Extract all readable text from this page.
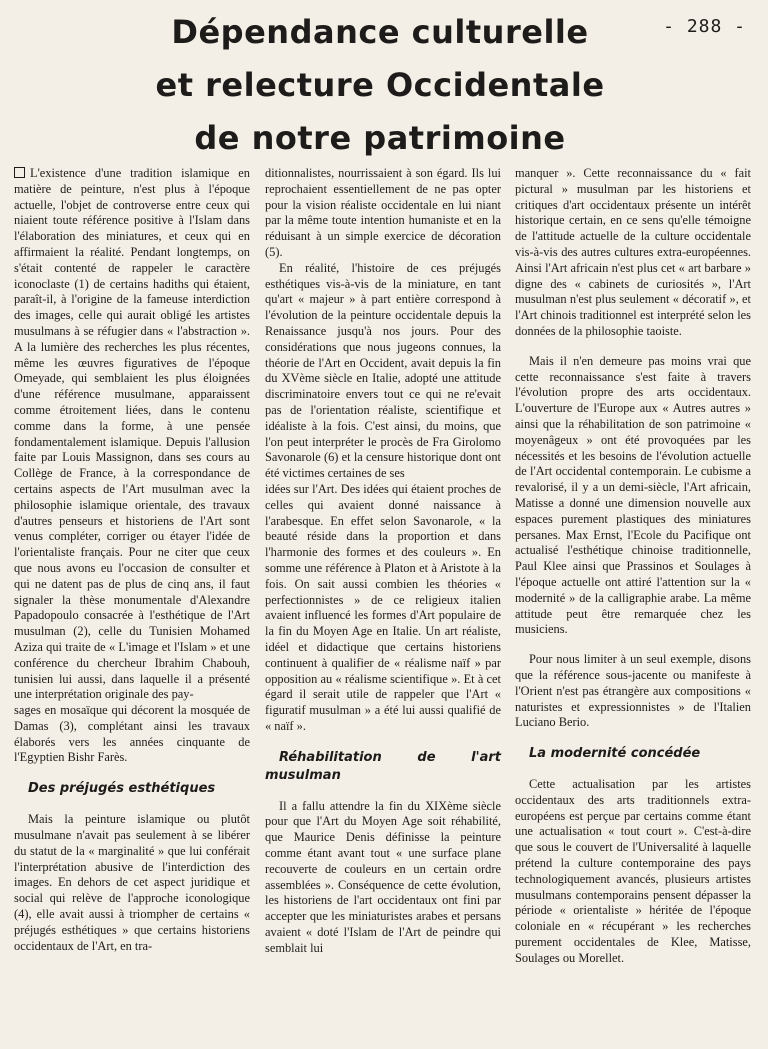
- 288 -
Dépendance culturelle
et relecture Occidentale
de notre patrimoine

L'existence d'une tradition islamique en matière de peinture, n'est plus à l'époque actuelle, l'objet de controverse entre ceux qui niaient toute référence positive à l'Islam dans l'élaboration des miniatures, et ceux qui en affirmaient la réalité. Pendant longtemps, on s'était contenté de rappeler le caractère iconoclaste (1) de certains hadiths qui étaient, paraît-il, à l'origine de la fameuse interdiction des images, celle qui aurait obligé les artistes musulmans à se réfugier dans « l'abstraction ». A la lumière des recherches les plus récentes, même les œuvres figuratives de l'époque Omeyade, qui semblaient les plus éloignées d'une référence musulmane, apparaissent comme étroitement liées, dans le contenu comme dans la forme, à une pensée fondamentalement islamique. Depuis l'allusion faite par Louis Massignon, dans ses cours au Collège de France, à la correspondance de certains aspects de l'Art musulman avec la philosophie islamique orientale, des travaux d'autres penseurs et historiens de l'Art sont venus compléter, corriger ou étayer l'idée de l'orientaliste français. Pour ne citer que ceux que nous avons eu l'occasion de consulter et qui ne datent pas de plus de cinq ans, il faut signaler la thèse monumentale d'Alexandre Papadopoulo consacrée à l'esthétique de l'Art musulman (2), celle du Tunisien Mohamed Aziza qui traite de « L'image et l'Islam » et une conférence du chercheur Ibrahim Chabouh, tunisien lui aussi, dans laquelle il a présenté une interprétation originale des pay-

sages en mosaïque qui décorent la mosquée de Damas (3), complétant ainsi les travaux élaborés vers les années cinquante de l'Egyptien Bishr Farès.

Des préjugés esthétiques

Mais la peinture islamique ou plutôt musulmane n'avait pas seulement à se libérer du statut de la « marginalité » que lui conférait l'interprétation abusive de l'interdiction des images. En dehors de cet aspect juridique et social qui relève de l'approche iconologique (4), elle avait aussi à triompher de certains « préjugés esthétiques » que certains historiens occidentaux de l'Art, en tra-

ditionnalistes, nourrissaient à son égard. Ils lui reprochaient essentiellement de ne pas opter pour la vision réaliste occidentale en lui niant par la même toute intention humaniste et en la réduisant à un simple exercice de décoration (5).

En réalité, l'histoire de ces préjugés esthétiques vis-à-vis de la miniature, en tant qu'art « majeur » à part entière correspond à l'évolution de la peinture occidentale depuis la Renaissance jusqu'à nos jours. Pour des considérations que nous jugeons connues, la théorie de l'Art en Occident, avait depuis la fin du XVème siècle en Italie, adopté une attitude discriminatoire envers tout ce qui ne re'evait pas de l'orientation réaliste, scientifique et idéaliste à la fois. C'est ainsi, du moins, que l'on peut interpréter le procès de Fra Girolomo Savonarole (6) et la censure historique dont ont été victimes certaines de ses

idées sur l'Art. Des idées qui étaient proches de celles qui avaient donné naissance à l'arabesque. En effet selon Savonarole, « la beauté réside dans la proportion et dans l'harmonie des formes et des couleurs ». En somme une référence à Platon et à Aristote à la fois. On sait aussi combien les théories « perfectionnistes » de ce religieux italien avaient influencé les formes d'Art populaire de la fin du Moyen Age en Italie. Un art réaliste, idéel et didactique que certains historiens continuent à qualifier de « réalisme naïf » par opposition au « réalisme scientifique ». Et à cet égard il serait utile de rappeler que l'Art « figuratif musulman » a été lui aussi qualifié de « naïf ».

Réhabilitation de l'art musulman

Il a fallu attendre la fin du XIXème siècle pour que l'Art du Moyen Age soit réhabilité, que Maurice Denis définisse la peinture comme étant avant tout « une surface plane recouverte de couleurs en un certain ordre assemblées ». Conséquence de cette évolution, les historiens de l'art occidentaux ont fini par accepter que les miniaturistes arabes et persans avaient « doté l'Islam de l'Art de peindre qui semblait lui

manquer ». Cette reconnaissance du « fait pictural » musulman par les historiens et critiques d'art occidentaux présente un intérêt historique certain, en ce sens qu'elle témoigne de l'attitude actuelle de la culture occidentale vis-à-vis des autres cultures extra-européennes. Ainsi l'Art africain n'est plus cet « art barbare » digne des « cabinets de curiosités », l'Art musulman n'est plus seulement « décoratif », et l'Art chinois traditionnel est interprété selon les données de la philosophie taoiste.

Mais il n'en demeure pas moins vrai que cette reconnaissance s'est faite à travers l'évolution propre des arts occidentaux. L'ouverture de l'Europe aux « Autres autres » ainsi que la réhabilitation de son patrimoine « moyenâgeux » ont été provoquées par les nécessités et les besoins de l'évolution actuelle de l'Art occidental contemporain. Le cubisme a revalorisé, il y a un demi-siècle, l'Art africain, Matisse a donné une dimension nouvelle aux espaces purement plastiques des miniatures persanes. Max Ernst, l'Ecole du Pacifique ont actualisé l'esthétique chinoise traditionnelle, Paul Klee ainsi que Prassinos et Soulages à l'époque actuelle ont attiré l'attention sur la « modernité » de la calligraphie arabe. La même attitude peut être remarquée chez les musiciens.

Pour nous limiter à un seul exemple, disons que la référence sous-jacente ou manifeste à l'Orient n'est pas étrangère aux compositions « naturistes et expressionnistes » de l'Italien Luciano Berio.

La modernité concédée

Cette actualisation par les artistes occidentaux des arts traditionnels extra-européens est perçue par certains comme étant une actualisation « tout court ». C'est-à-dire que sous le couvert de l'Universalité à laquelle prétend la culture contemporaine des pays technologiquement avancés, plusieurs artistes musulmans contemporains pensent dépasser la période « orientaliste » héritée de l'époque coloniale en « récupérant » les recherches purement occidentales de Klee, Matisse, Soulages ou Morellet.
